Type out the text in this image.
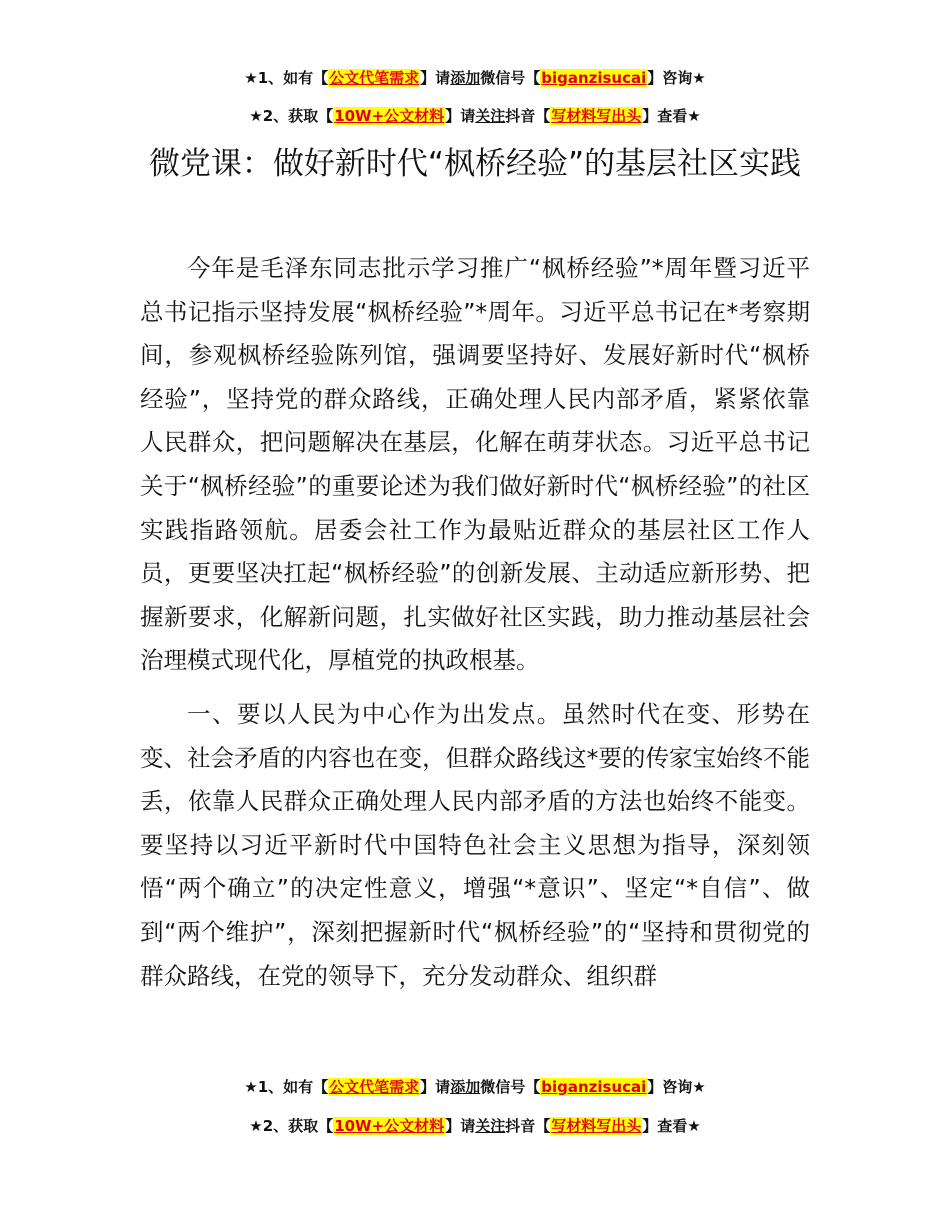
★1、如有【公文代笔需求】请添加微信号【biganzisucai】咨询★
★2、获取【10W+公文材料】请关注抖音【写材料写出头】查看★
微党课：做好新时代“枫桥经验”的基层社区实践

今年是毛泽东同志批示学习推广“枫桥经验”*周年暨习近平总书记指示坚持发展“枫桥经验”*周年。习近平总书记在*考察期间，参观枫桥经验陈列馆，强调要坚持好、发展好新时代“枫桥经验”，坚持党的群众路线，正确处理人民内部矛盾，紧紧依靠人民群众，把问题解决在基层，化解在萌芽状态。习近平总书记关于“枫桥经验”的重要论述为我们做好新时代“枫桥经验”的社区实践指路领航。居委会社工作为最贴近群众的基层社区工作人员，更要坚决扛起“枫桥经验”的创新发展、主动适应新形势、把握新要求，化解新问题，扎实做好社区实践，助力推动基层社会治理模式现代化，厚植党的执政根基。

一、要以人民为中心作为出发点。虽然时代在变、形势在变、社会矛盾的内容也在变，但群众路线这*要的传家宝始终不能丢，依靠人民群众正确处理人民内部矛盾的方法也始终不能变。要坚持以习近平新时代中国特色社会主义思想为指导，深刻领悟“两个确立”的决定性意义，增强“*意识”、坚定“*自信”、做到“两个维护”，深刻把握新时代“枫桥经验”的“坚持和贯彻党的群众路线，在党的领导下，充分发动群众、组织群

★1、如有【公文代笔需求】请添加微信号【biganzisucai】咨询★
★2、获取【10W+公文材料】请关注抖音【写材料写出头】查看★
